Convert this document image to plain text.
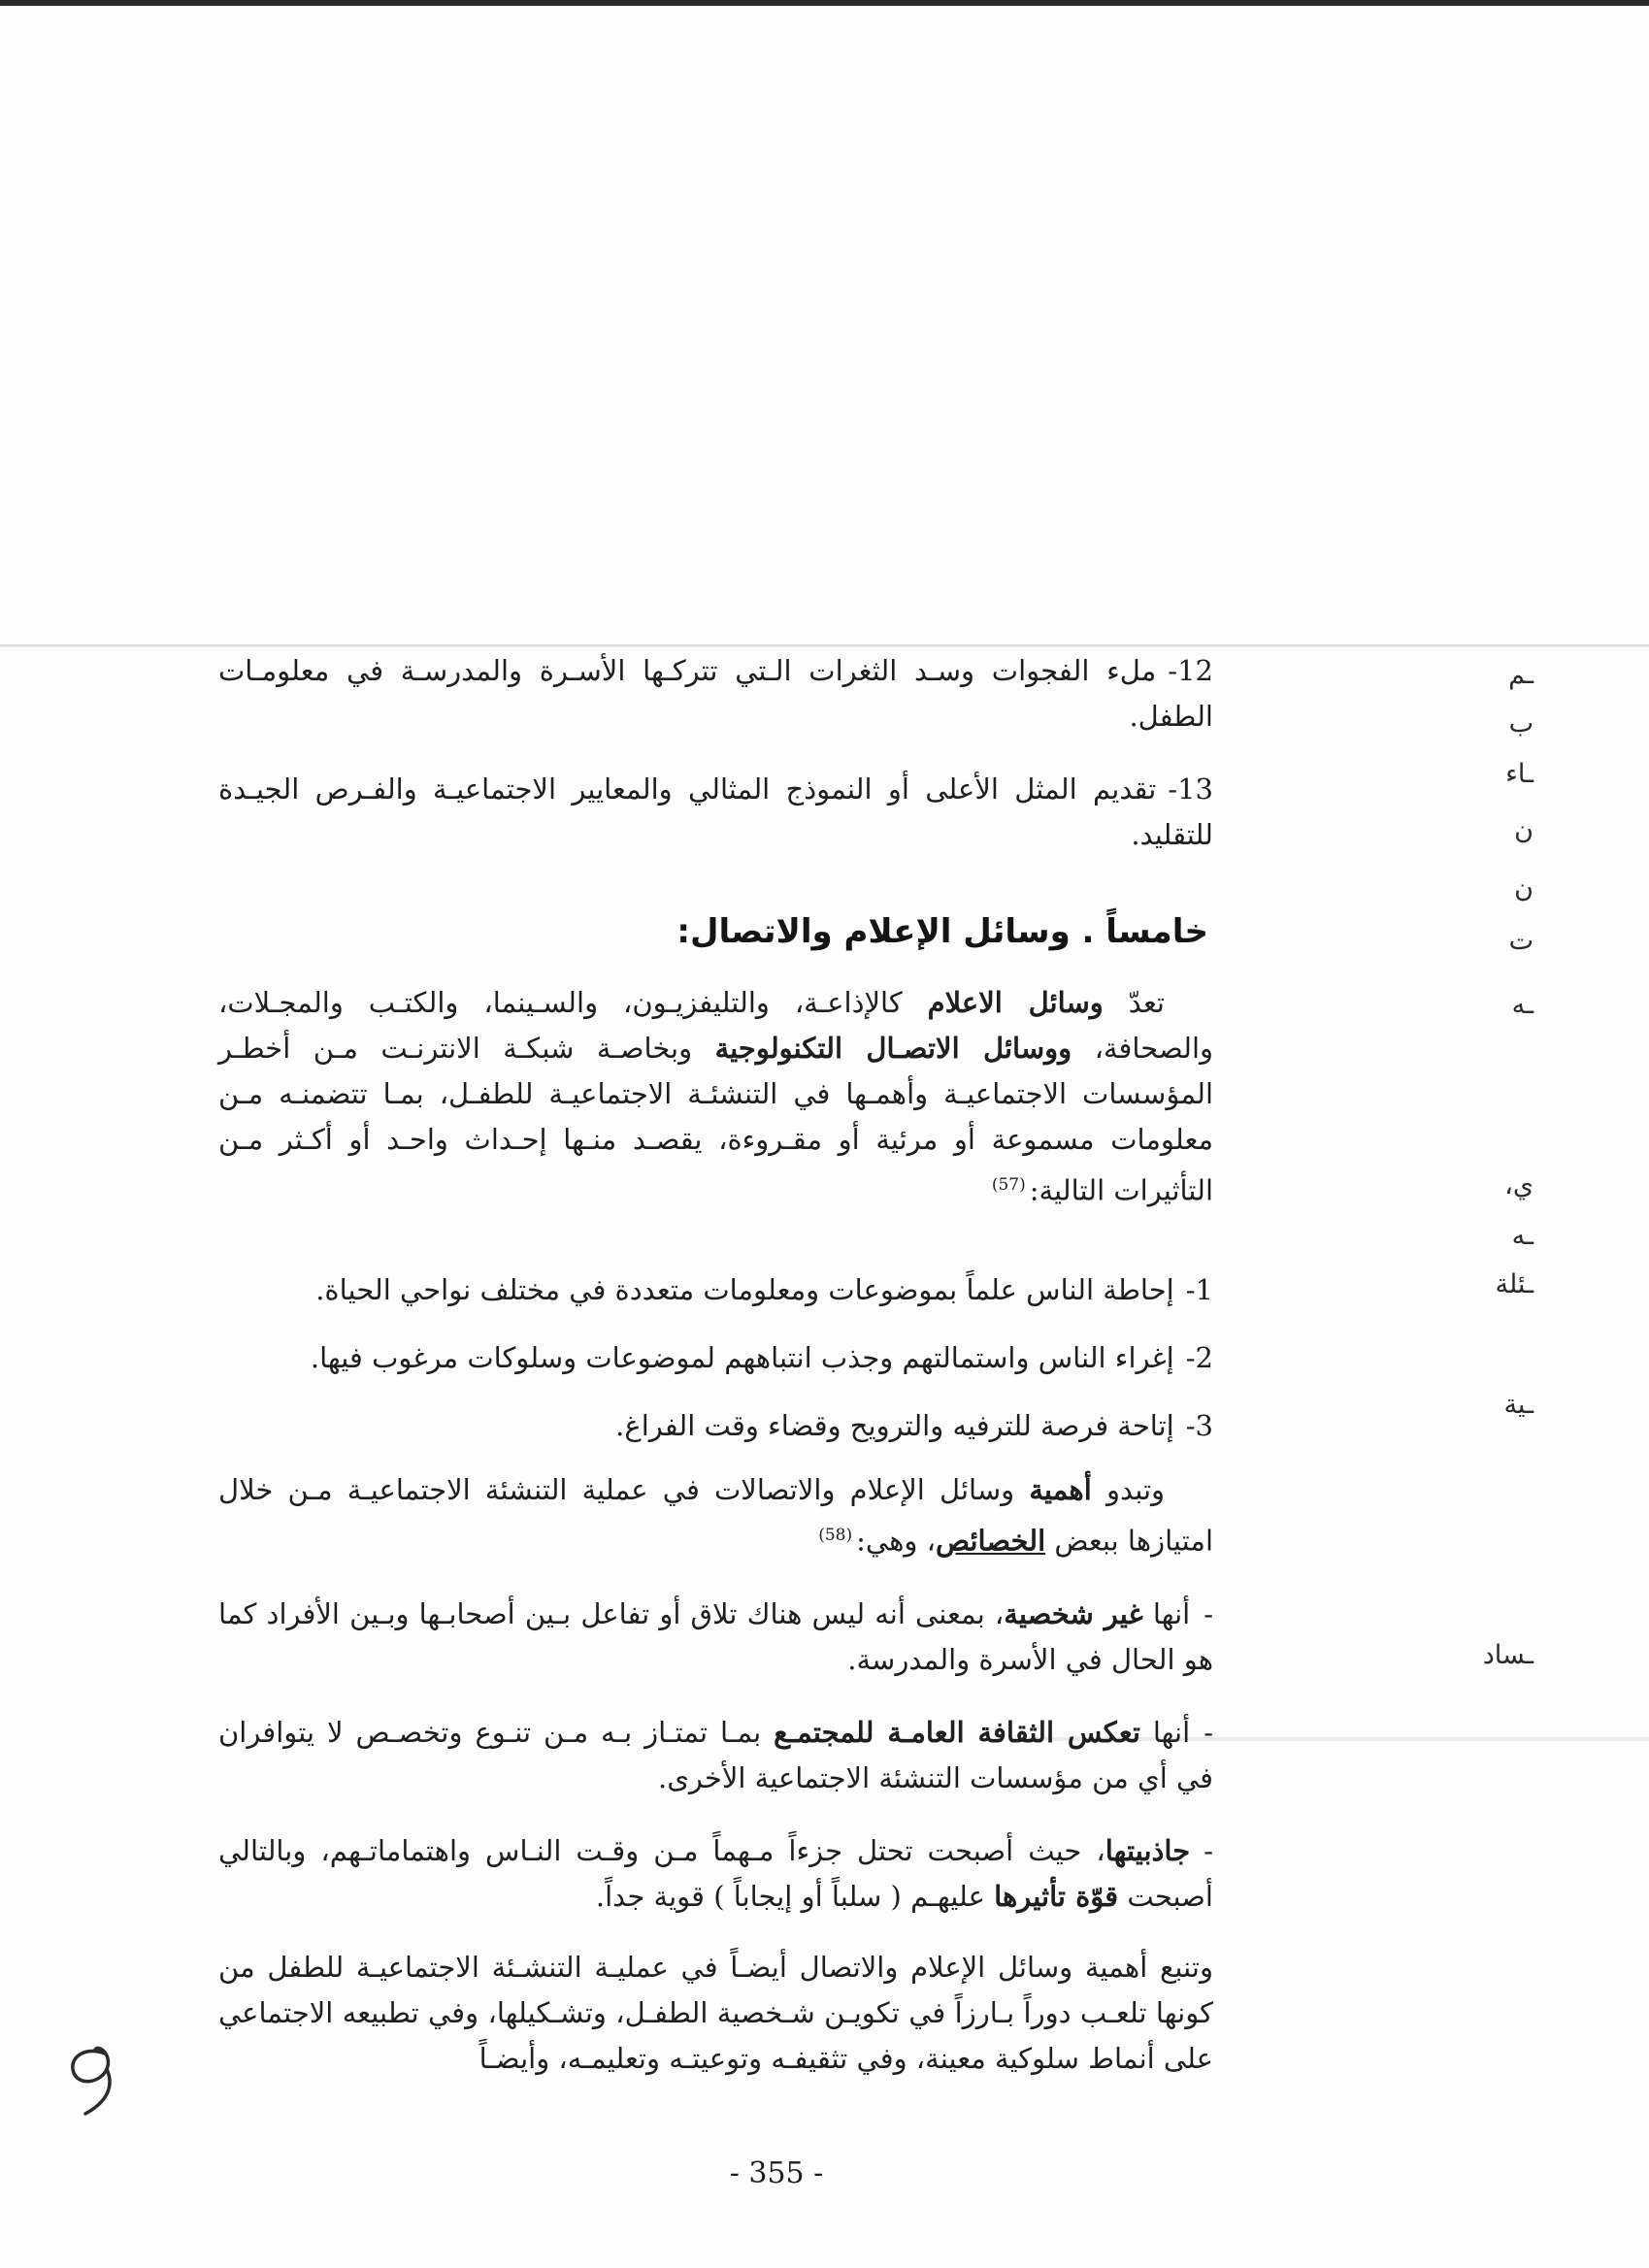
12-ملء الفجوات وسـد الثغرات الـتي تتركـها الأسـرة والمدرسـة في معلومـات الطفل.
13-تقديم المثل الأعلى أو النموذج المثالي والمعايير الاجتماعيـة والفـرص الجيـدة للتقليد.
خامساً . وسائل الإعلام والاتصال:
تعدّ وسائل الاعلام كالإذاعـة، والتليفزيـون، والسـينما، والكتـب والمجـلات، والصحافة، ووسائل الاتصـال التكنولوجية وبخاصـة شبكـة الانترنـت مـن أخطـر المؤسسات الاجتماعيـة وأهمـها في التنشئـة الاجتماعيـة للطفـل، بمـا تتضمنـه مـن معلومات مسموعة أو مرئية أو مقـروءة، يقصـد منـها إحـداث واحـد أو أكـثر مـن التأثيرات التالية:$^{(57)}$
1-إحاطة الناس علماً بموضوعات ومعلومات متعددة في مختلف نواحي الحياة.
2-إغراء الناس واستمالتهم وجذب انتباههم لموضوعات وسلوكات مرغوب فيها.
3-إتاحة فرصة للترفيه والترويح وقضاء وقت الفراغ.
وتبدو أهمية وسائل الإعلام والاتصالات في عملية التنشئة الاجتماعيـة مـن خلال امتيازها ببعض الخصائص، وهي:$^{(58)}$
-أنها غير شخصية، بمعنى أنه ليس هناك تلاق أو تفاعل بـين أصحابـها وبـين الأفراد كما هو الحال في الأسرة والمدرسة.
-أنها تعكس الثقافة العامـة للمجتمـع بمـا تمتـاز بـه مـن تنـوع وتخصـص لا يتوافران في أي من مؤسسات التنشئة الاجتماعية الأخرى.
-جاذبيتها، حيث أصبحت تحتل جزءاً مـهماً مـن وقـت النـاس واهتماماتـهم، وبالتالي أصبحت قوّة تأثيرها عليهـم ( سلباً أو إيجاباً ) قوية جداً.
وتنبع أهمية وسائل الإعلام والاتصال أيضـاً في عمليـة التنشـئة الاجتماعيـة للطفل من كونها تلعـب دوراً بـارزاً في تكويـن شـخصية الطفـل، وتشـكيلها، وفي تطبيعه الاجتماعي على أنماط سلوكية معينة، وفي تثقيفـه وتوعيتـه وتعليمـه، وأيضـاً
ـم
ب
ـاء
ن
ن
ت
ـه
ي،
ـه
ـئلة
ـية
ـساد
- 355 -
